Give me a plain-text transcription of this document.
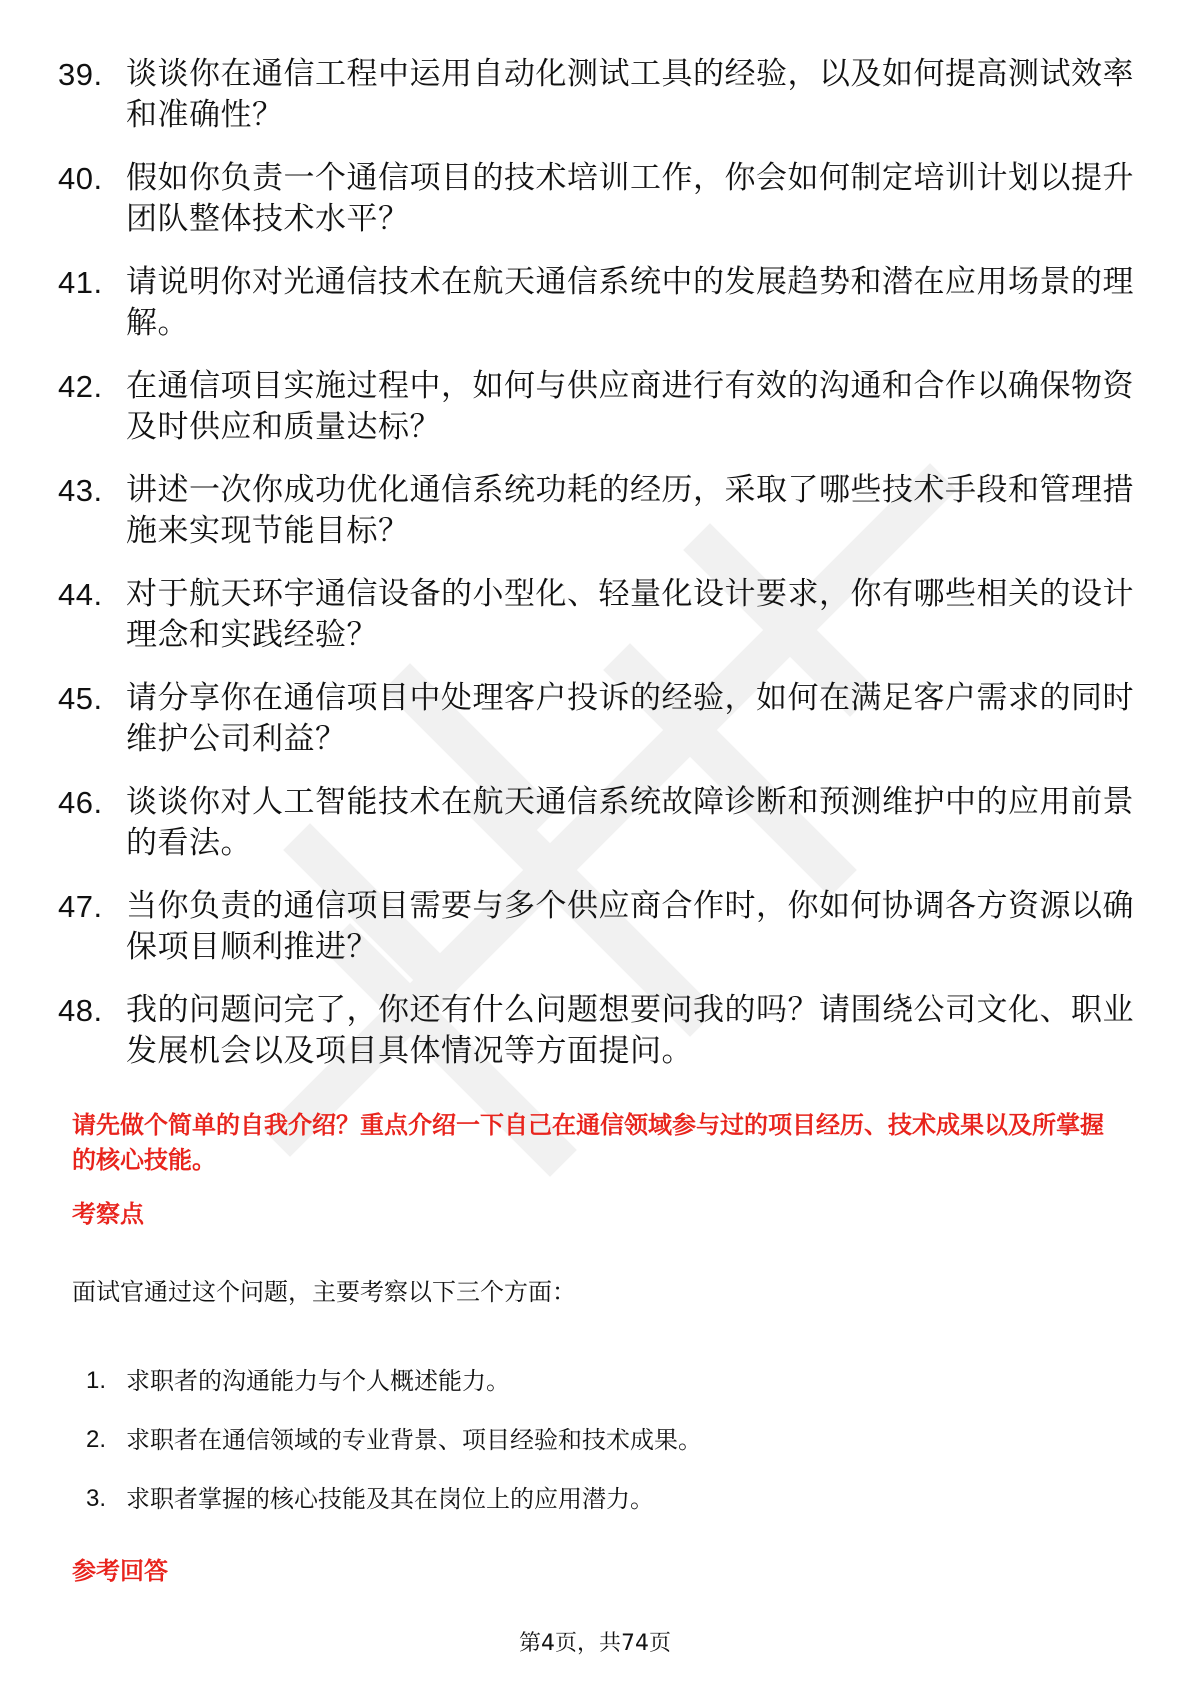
39. 谈谈你在通信工程中运用自动化测试工具的经验，以及如何提高测试效率和准确性？
40. 假如你负责一个通信项目的技术培训工作，你会如何制定培训计划以提升团队整体技术水平？
41. 请说明你对光通信技术在航天通信系统中的发展趋势和潜在应用场景的理解。
42. 在通信项目实施过程中，如何与供应商进行有效的沟通和合作以确保物资及时供应和质量达标？
43. 讲述一次你成功优化通信系统功耗的经历，采取了哪些技术手段和管理措施来实现节能目标？
44. 对于航天环宇通信设备的小型化、轻量化设计要求，你有哪些相关的设计理念和实践经验？
45. 请分享你在通信项目中处理客户投诉的经验，如何在满足客户需求的同时维护公司利益？
46. 谈谈你对人工智能技术在航天通信系统故障诊断和预测维护中的应用前景的看法。
47. 当你负责的通信项目需要与多个供应商合作时，你如何协调各方资源以确保项目顺利推进？
48. 我的问题问完了，你还有什么问题想要问我的吗？请围绕公司文化、职业发展机会以及项目具体情况等方面提问。
请先做个简单的自我介绍？重点介绍一下自己在通信领域参与过的项目经历、技术成果以及所掌握的核心技能。
考察点
面试官通过这个问题，主要考察以下三个方面：
1. 求职者的沟通能力与个人概述能力。
2. 求职者在通信领域的专业背景、项目经验和技术成果。
3. 求职者掌握的核心技能及其在岗位上的应用潜力。
参考回答
第4页，共74页
